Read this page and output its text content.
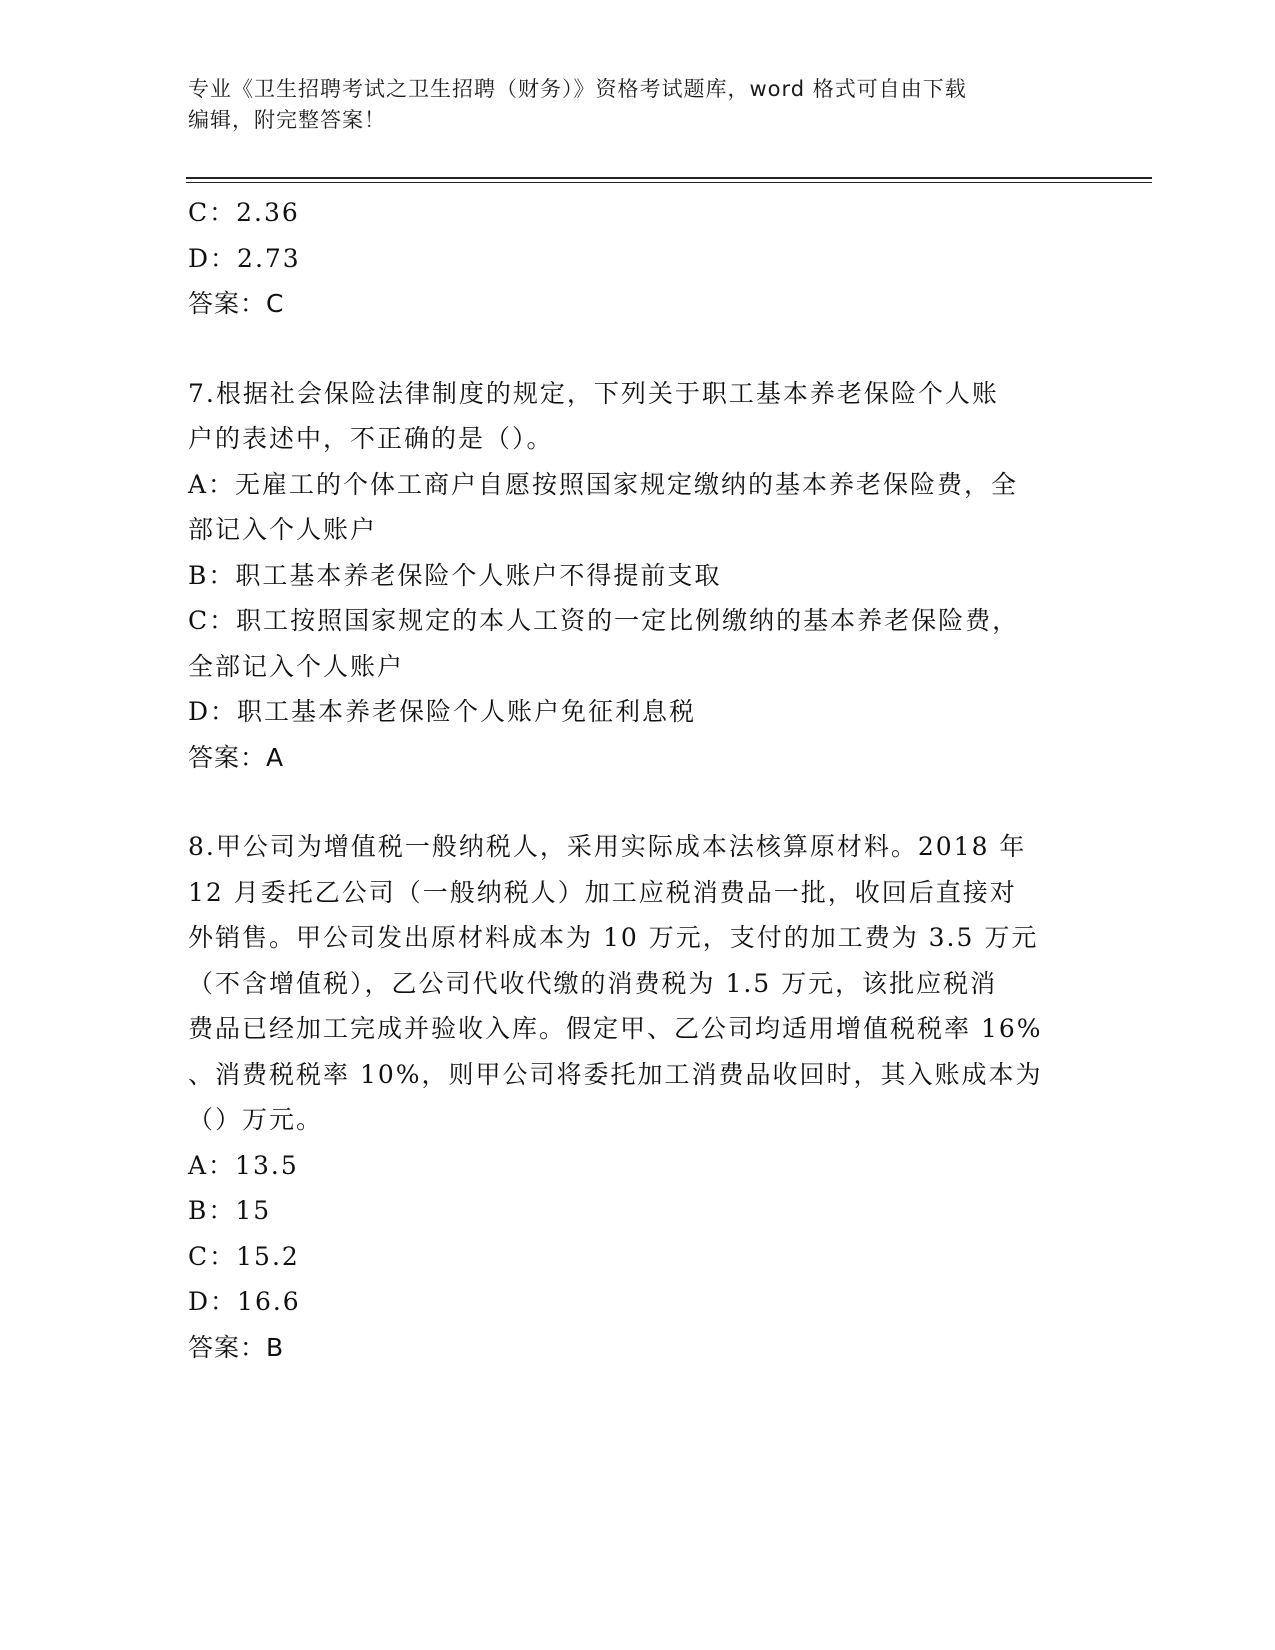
专业《卫生招聘考试之卫生招聘（财务）》资格考试题库，word 格式可自由下载
编辑，附完整答案！
C：2.36
D：2.73
答案：C
7.根据社会保险法律制度的规定，下列关于职工基本养老保险个人账
户的表述中，不正确的是（）。
A：无雇工的个体工商户自愿按照国家规定缴纳的基本养老保险费，全
部记入个人账户
B：职工基本养老保险个人账户不得提前支取
C：职工按照国家规定的本人工资的一定比例缴纳的基本养老保险费，
全部记入个人账户
D：职工基本养老保险个人账户免征利息税
答案：A
8.甲公司为增值税一般纳税人，采用实际成本法核算原材料。2018 年
12 月委托乙公司（一般纳税人）加工应税消费品一批，收回后直接对
外销售。甲公司发出原材料成本为 10 万元，支付的加工费为 3.5 万元
（不含增值税），乙公司代收代缴的消费税为 1.5 万元，该批应税消
费品已经加工完成并验收入库。假定甲、乙公司均适用增值税税率 16%
、消费税税率 10%，则甲公司将委托加工消费品收回时，其入账成本为
（）万元。
A：13.5
B：15
C：15.2
D：16.6
答案：B
